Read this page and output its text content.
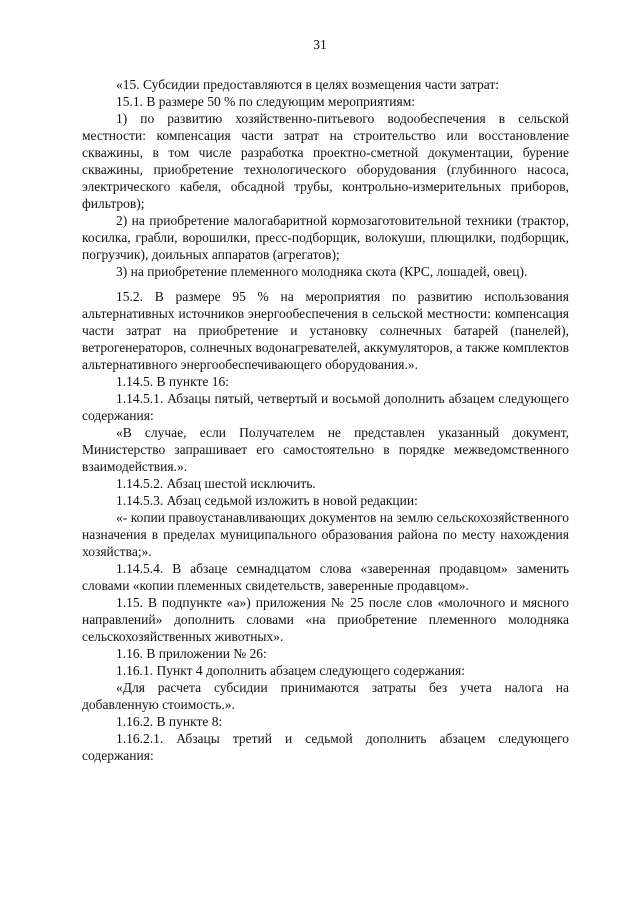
31

«15. Субсидии предоставляются в целях возмещения части затрат:

15.1. В размере 50 % по следующим мероприятиям:

1) по развитию хозяйственно-питьевого водообеспечения в сельской местности: компенсация части затрат на строительство или восстановление скважины, в том числе разработка проектно-сметной документации, бурение скважины, приобретение технологического оборудования (глубинного насоса, электрического кабеля, обсадной трубы, контрольно-измерительных приборов, фильтров);

2) на приобретение малогабаритной кормозаготовительной техники (трактор, косилка, грабли, ворошилки, пресс-подборщик, волокуши, плющилки, подборщик, погрузчик), доильных аппаратов (агрегатов);

3) на приобретение племенного молодняка скота (КРС, лошадей, овец).

15.2. В размере 95 % на мероприятия по развитию использования альтернативных источников энергообеспечения в сельской местности: компенсация части затрат на приобретение и установку солнечных батарей (панелей), ветрогенераторов, солнечных водонагревателей, аккумуляторов, а также комплектов альтернативного энергообеспечивающего оборудования.».

1.14.5. В пункте 16:

1.14.5.1. Абзацы пятый, четвертый и восьмой дополнить абзацем следующего содержания:

«В случае, если Получателем не представлен указанный документ, Министерство запрашивает его самостоятельно в порядке межведомственного взаимодействия.».

1.14.5.2. Абзац шестой исключить.

1.14.5.3. Абзац седьмой изложить в новой редакции:

«- копии правоустанавливающих документов на землю сельскохозяйственного назначения в пределах муниципального образования района по месту нахождения хозяйства;».

1.14.5.4. В абзаце семнадцатом слова «заверенная продавцом» заменить словами «копии племенных свидетельств, заверенные продавцом».

1.15. В подпункте «а») приложения № 25 после слов «молочного и мясного направлений» дополнить словами «на приобретение племенного молодняка сельскохозяйственных животных».

1.16. В приложении № 26:

1.16.1. Пункт 4 дополнить абзацем следующего содержания:

«Для расчета субсидии принимаются затраты без учета налога на добавленную стоимость.».

1.16.2. В пункте 8:

1.16.2.1. Абзацы третий и седьмой дополнить абзацем следующего содержания:
